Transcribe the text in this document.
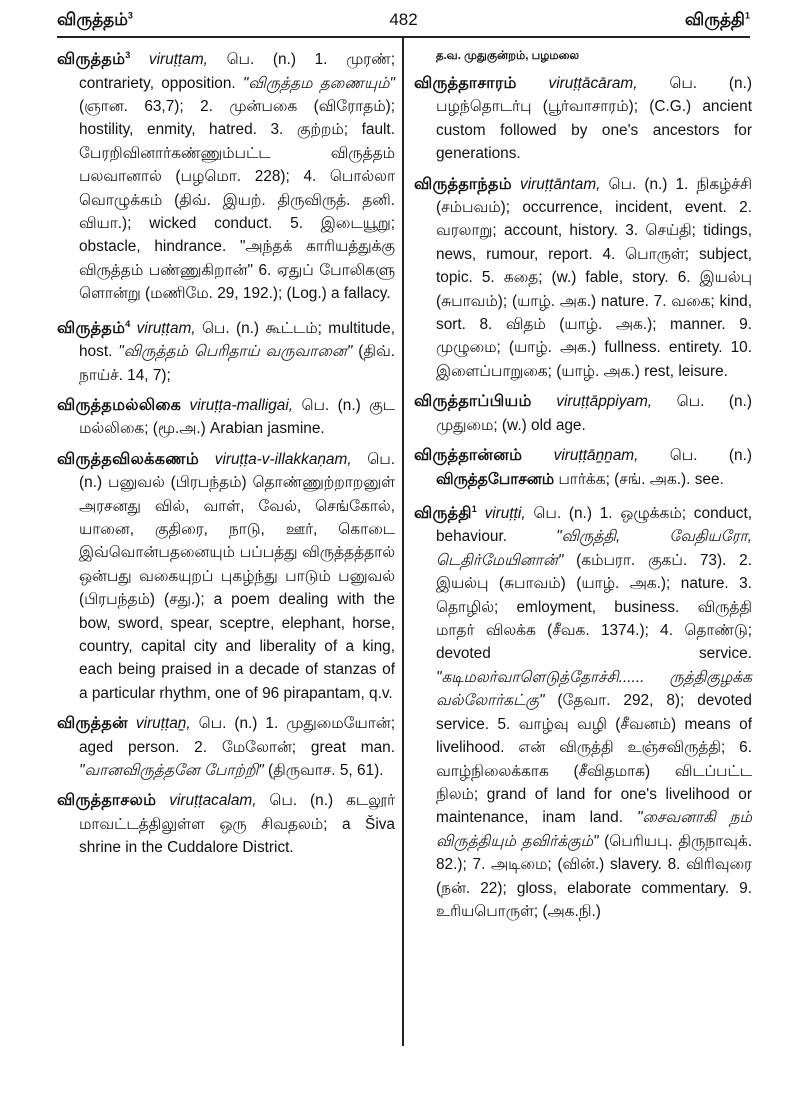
விருத்தம்$^3$	482	விருத்தி$^1$
விருத்தம்$^3$ viruṭṭam, பெ. (n.) 1. முரண்; contrariety, opposition. "விருத்தம தணையும்" (ஞான. 63,7); 2. முன்பகை (விரோதம்); hostility, enmity, hatred. 3. குற்றம்; fault. பேரறிவினார்கண்ணும்பட்ட விருத்தம் பலவானால் (பழமொ. 228); 4. பொல்லா வொழுக்கம் (திவ். இயற். திருவிருத். தனி. வியா.); wicked conduct. 5. இடையூறு; obstacle, hindrance. "அந்தக் காரியத்துக்கு விருத்தம் பண்ணுகிறான்" 6. ஏதுப் போலிகளு ளொன்று (மணிமே. 29, 192.); (Log.) a fallacy.
விருத்தம்$^4$ viruṭṭam, பெ. (n.) கூட்டம்; multitude, host. "விருத்தம் பெரிதாய் வருவானை" (திவ். நாய்ச். 14, 7);
விருத்தமல்லிகை viruṭṭa-malligai, பெ. (n.) குட மல்லிகை; (மூ.அ.) Arabian jasmine.
விருத்தவிலக்கணம் viruṭṭa-v-illakkaṇam, பெ. (n.) பனுவல் (பிரபந்தம்) தொண்ணுற்றாறனுள் அரசனது வில், வாள், வேல், செங்கோல், யானை, குதிரை, நாடு, ஊர், கொடை இவ்வொன்பதனையும் பப்பத்து விருத்தத்தால் ஒன்பது வகையுறப் புகழ்ந்து பாடும் பனுவல் (பிரபந்தம்) (சது.); a poem dealing with the bow, sword, spear, sceptre, elephant, horse, country, capital city and liberality of a king, each being praised in a decade of stanzas of a particular rhythm, one of 96 pirapantam, q.v.
விருத்தன் viruṭṭaṉ, பெ. (n.) 1. முதுமையோன்; aged person. 2. மேலோன்; great man. "வானவிருத்தனே போற்றி" (திருவாச. 5, 61).
விருத்தாசலம் viruṭṭacalam, பெ. (n.) கடலூர் மாவட்டத்திலுள்ள ஒரு சிவதலம்; a Šiva shrine in the Cuddalore District.
த.வ. முதுகுன்றம், பழமலை
விருத்தாசாரம் viruṭṭācāram, பெ. (n.) பழந்தொடர்பு (பூர்வாசாரம்); (C.G.) ancient custom followed by one's ancestors for generations.
விருத்தாந்தம் viruṭṭāntam, பெ. (n.) 1. நிகழ்ச்சி (சம்பவம்); occurrence, incident, event. 2. வரலாறு; account, history. 3. செய்தி; tidings, news, rumour, report. 4. பொருள்; subject, topic. 5. கதை; (w.) fable, story. 6. இயல்பு (சுபாவம்); (யாழ். அக.) nature. 7. வகை; kind, sort. 8. விதம் (யாழ். அக.); manner. 9. முழுமை; (யாழ். அக.) fullness. entirety. 10. இளைப்பாறுகை; (யாழ். அக.) rest, leisure.
விருத்தாப்பியம் viruṭṭāppiyam, பெ. (n.) முதுமை; (w.) old age.
விருத்தான்னம் viruṭṭāṉṉam, பெ. (n.) விருத்தபோசனம் பார்க்க; (சங். அக.). see.
விருத்தி$^1$ viruṭṭi, பெ. (n.) 1. ஒழுக்கம்; conduct, behaviour. "விருத்தி, வேதியரோ, டெதிர்மேயினான்" (கம்பரா. குகப். 73). 2. இயல்பு (சுபாவம்) (யாழ். அக.); nature. 3. தொழில்; emloyment, business. விருத்தி மாதர் விலக்க (சீவக. 1374.); 4. தொண்டு; devoted service. "கடிமலர்வாளெடுத்தோச்சி...... ருத்திகுழக்க வல்லோர்கட்கு" (தேவா. 292, 8); devoted service. 5. வாழ்வு வழி (சீவனம்) means of livelihood. என் விருத்தி உஞ்சவிருத்தி; 6. வாழ்நிலைக்காக (சீவிதமாக) விடப்பட்ட நிலம்; grand of land for one's livelihood or maintenance, inam land. "சைவனாகி நம் விருத்தியும் தவிர்க்கும்" (பெரியபு. திருநாவுக். 82.); 7. அடிமை; (வின்.) slavery. 8. விரிவுரை (நன். 22); gloss, elaborate commentary. 9. உரியபொருள்; (அக.நி.)
